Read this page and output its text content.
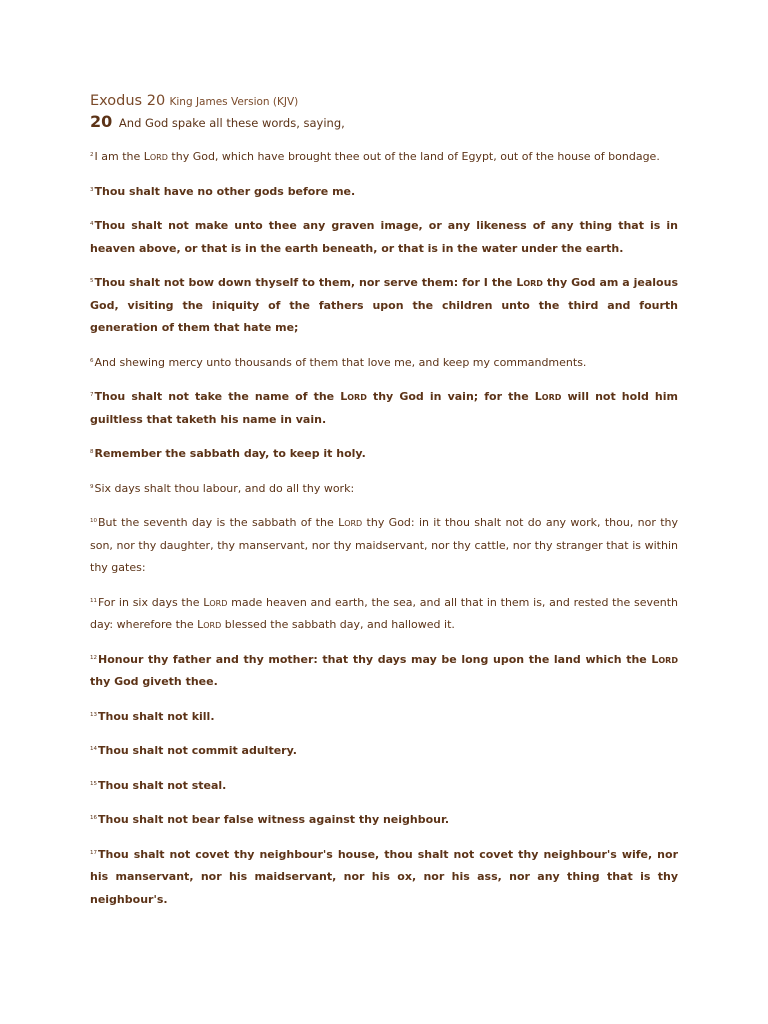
Exodus 20 King James Version (KJV)
20 And God spake all these words, saying,

$^2$I am the Lord thy God, which have brought thee out of the land of Egypt, out of the house of bondage.

$^3$Thou shalt have no other gods before me.

$^4$Thou shalt not make unto thee any graven image, or any likeness of any thing that is in heaven above, or that is in the earth beneath, or that is in the water under the earth.

$^5$Thou shalt not bow down thyself to them, nor serve them: for I the Lord thy God am a jealous God, visiting the iniquity of the fathers upon the children unto the third and fourth generation of them that hate me;

$^6$And shewing mercy unto thousands of them that love me, and keep my commandments.

$^7$Thou shalt not take the name of the Lord thy God in vain; for the Lord will not hold him guiltless that taketh his name in vain.

$^8$Remember the sabbath day, to keep it holy.

$^9$Six days shalt thou labour, and do all thy work:

$^{10}$But the seventh day is the sabbath of the Lord thy God: in it thou shalt not do any work, thou, nor thy son, nor thy daughter, thy manservant, nor thy maidservant, nor thy cattle, nor thy stranger that is within thy gates:

$^{11}$For in six days the Lord made heaven and earth, the sea, and all that in them is, and rested the seventh day: wherefore the Lord blessed the sabbath day, and hallowed it.

$^{12}$Honour thy father and thy mother: that thy days may be long upon the land which the Lord thy God giveth thee.

$^{13}$Thou shalt not kill.

$^{14}$Thou shalt not commit adultery.

$^{15}$Thou shalt not steal.

$^{16}$Thou shalt not bear false witness against thy neighbour.

$^{17}$Thou shalt not covet thy neighbour's house, thou shalt not covet thy neighbour's wife, nor his manservant, nor his maidservant, nor his ox, nor his ass, nor any thing that is thy neighbour's.
